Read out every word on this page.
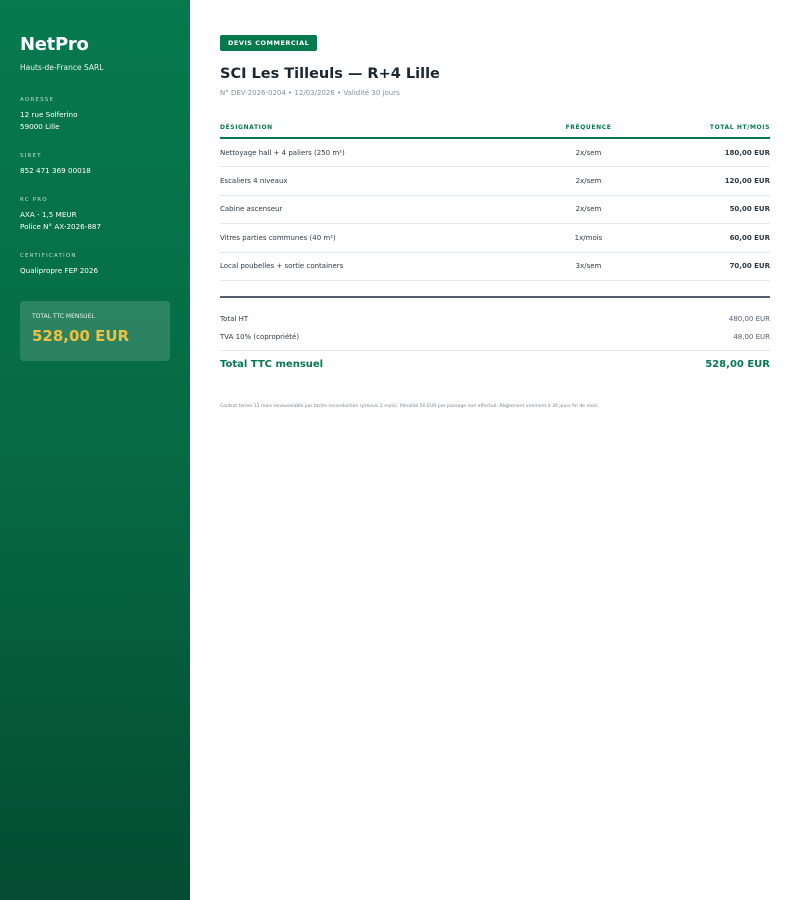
NetPro
Hauts-de-France SARL
ADRESSE
12 rue Solferino
59000 Lille
SIRET
852 471 369 00018
RC PRO
AXA - 1,5 MEUR
Police N° AX-2026-887
CERTIFICATION
Qualipropre FEP 2026
TOTAL TTC MENSUEL
528,00 EUR
DEVIS COMMERCIAL
SCI Les Tilleuls — R+4 Lille
N° DEV-2026-0204 • 12/03/2026 • Validité 30 jours
DÉSIGNATION	FRÉQUENCE	TOTAL HT/MOIS
Nettoyage hall + 4 paliers (250 m²)	2x/sem	180,00 EUR
Escaliers 4 niveaux	2x/sem	120,00 EUR
Cabine ascenseur	2x/sem	50,00 EUR
Vitres parties communes (40 m²)	1x/mois	60,00 EUR
Local poubelles + sortie containers	3x/sem	70,00 EUR
Total HT	480,00 EUR
TVA 10% (copropriété)	48,00 EUR
Total TTC mensuel	528,00 EUR

Contrat ferme 12 mois renouvelable par tacite reconduction (préavis 2 mois). Pénalité 50 EUR par passage non effectué. Règlement virement à 30 jours fin de mois.
